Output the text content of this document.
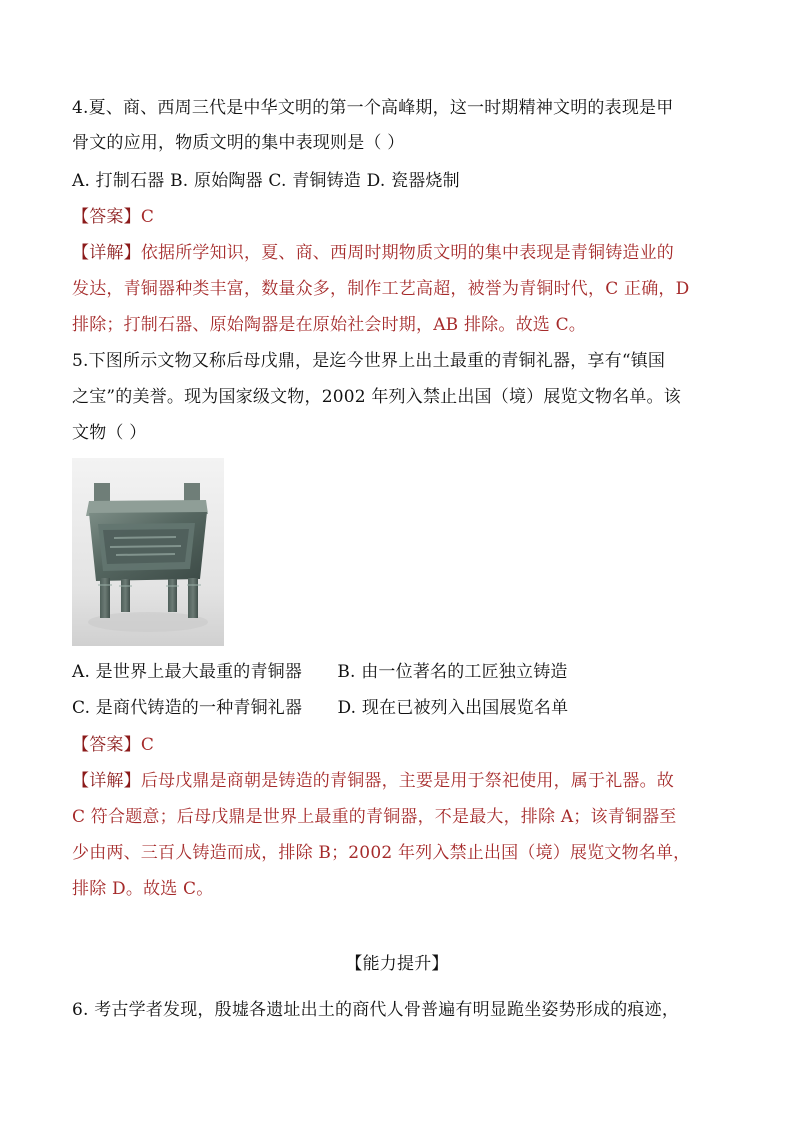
4.夏、商、西周三代是中华文明的第一个高峰期，这一时期精神文明的表现是甲
骨文的应用，物质文明的集中表现则是（ ）
A. 打制石器 B. 原始陶器 C. 青铜铸造 D. 瓷器烧制
【答案】C
【详解】依据所学知识，夏、商、西周时期物质文明的集中表现是青铜铸造业的
发达，青铜器种类丰富，数量众多，制作工艺高超，被誉为青铜时代，C 正确，D
排除；打制石器、原始陶器是在原始社会时期，AB 排除。故选 C。
5.下图所示文物又称后母戊鼎，是迄今世界上出土最重的青铜礼器，享有“镇国
之宝”的美誉。现为国家级文物，2002 年列入禁止出国（境）展览文物名单。该
文物（ ）
A. 是世界上最大最重的青铜器 B. 由一位著名的工匠独立铸造
C. 是商代铸造的一种青铜礼器 D. 现在已被列入出国展览名单
【答案】C
【详解】后母戊鼎是商朝是铸造的青铜器，主要是用于祭祀使用，属于礼器。故
C 符合题意；后母戊鼎是世界上最重的青铜器，不是最大，排除 A；该青铜器至
少由两、三百人铸造而成，排除 B；2002 年列入禁止出国（境）展览文物名单，
排除 D。故选 C。
【能力提升】
6. 考古学者发现，殷墟各遗址出土的商代人骨普遍有明显跪坐姿势形成的痕迹，
